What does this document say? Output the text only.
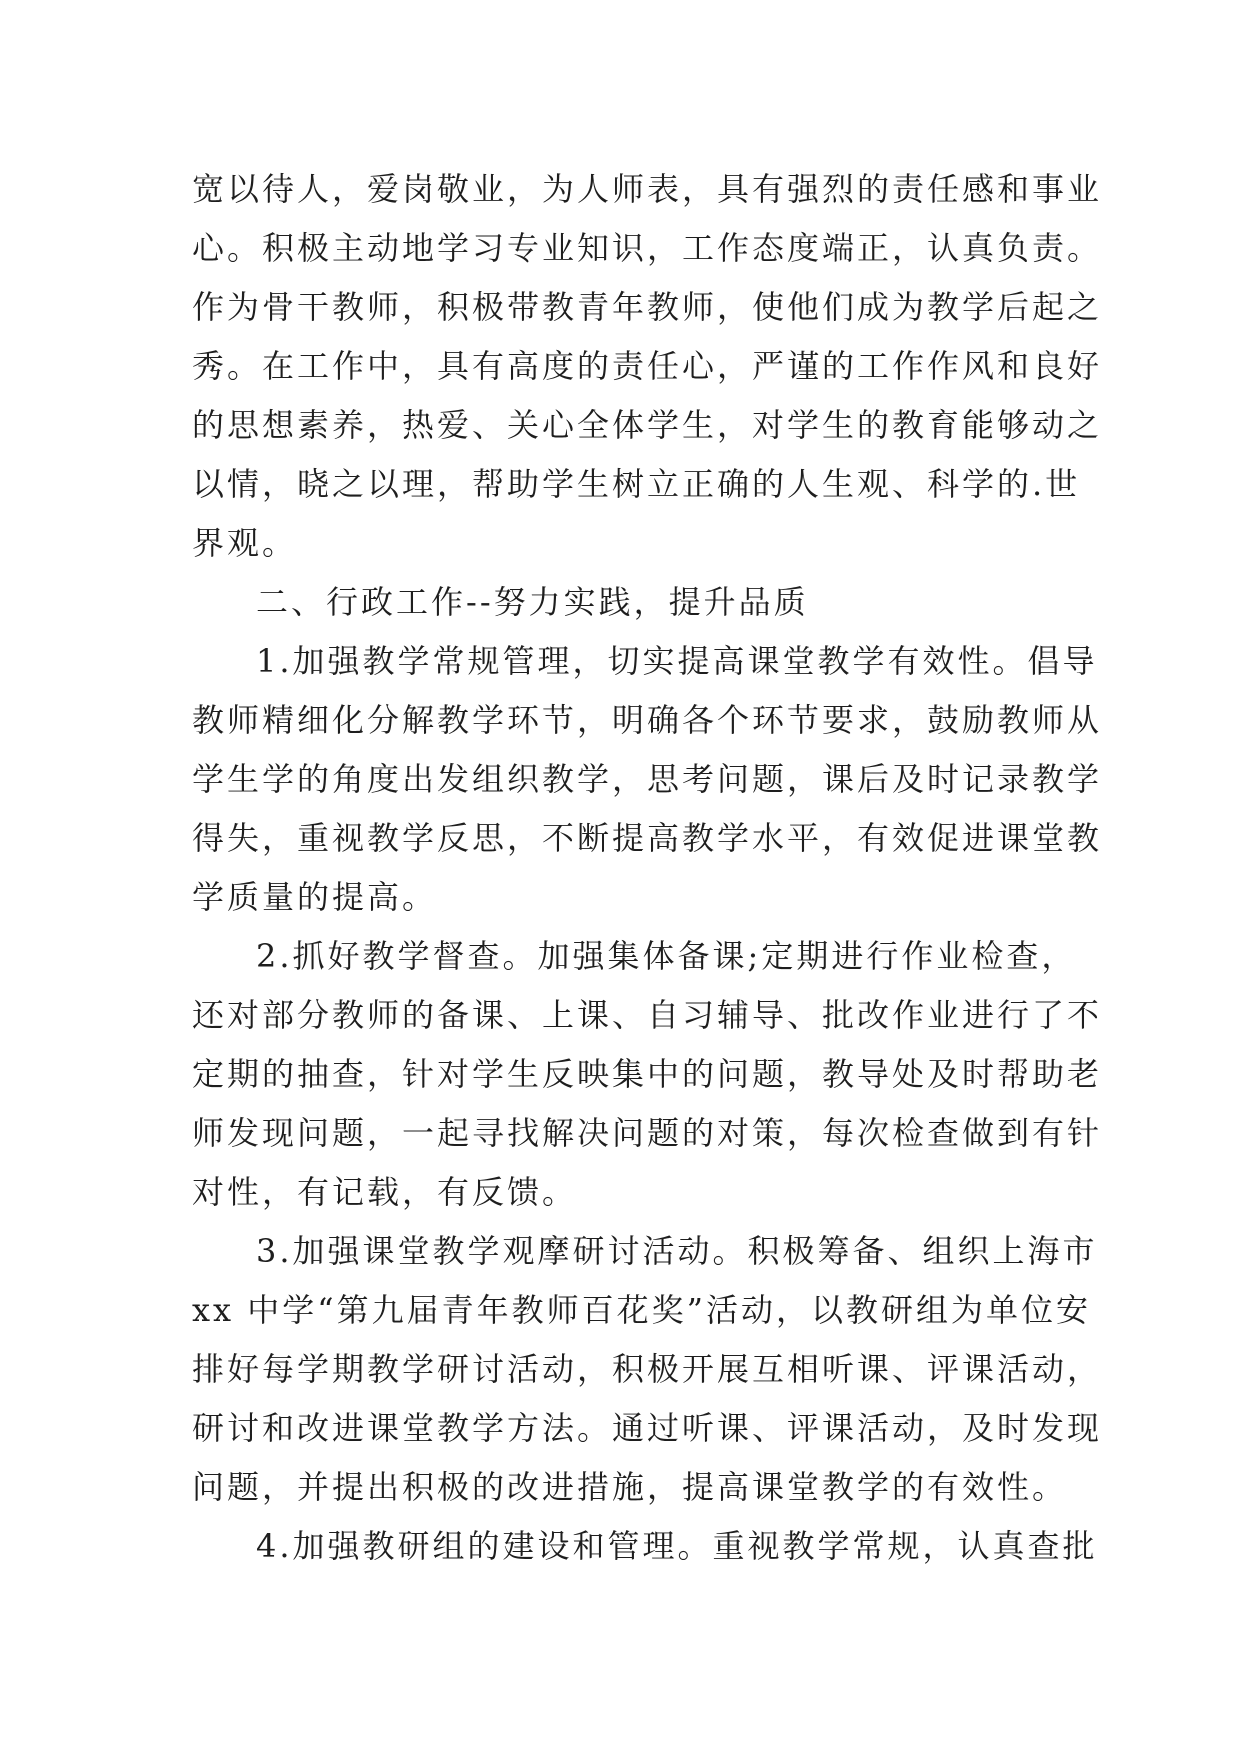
宽以待人，爱岗敬业，为人师表，具有强烈的责任感和事业
心。积极主动地学习专业知识，工作态度端正，认真负责。
作为骨干教师，积极带教青年教师，使他们成为教学后起之
秀。在工作中，具有高度的责任心，严谨的工作作风和良好
的思想素养，热爱、关心全体学生，对学生的教育能够动之
以情，晓之以理，帮助学生树立正确的人生观、科学的.世
界观。
二、行政工作--努力实践，提升品质
1.加强教学常规管理，切实提高课堂教学有效性。倡导
教师精细化分解教学环节，明确各个环节要求，鼓励教师从
学生学的角度出发组织教学，思考问题，课后及时记录教学
得失，重视教学反思，不断提高教学水平，有效促进课堂教
学质量的提高。
2.抓好教学督查。加强集体备课;定期进行作业检查，
还对部分教师的备课、上课、自习辅导、批改作业进行了不
定期的抽查，针对学生反映集中的问题，教导处及时帮助老
师发现问题，一起寻找解决问题的对策，每次检查做到有针
对性，有记载，有反馈。
3.加强课堂教学观摩研讨活动。积极筹备、组织上海市
xx 中学“第九届青年教师百花奖”活动，以教研组为单位安
排好每学期教学研讨活动，积极开展互相听课、评课活动，
研讨和改进课堂教学方法。通过听课、评课活动，及时发现
问题，并提出积极的改进措施，提高课堂教学的有效性。
4.加强教研组的建设和管理。重视教学常规，认真查批
